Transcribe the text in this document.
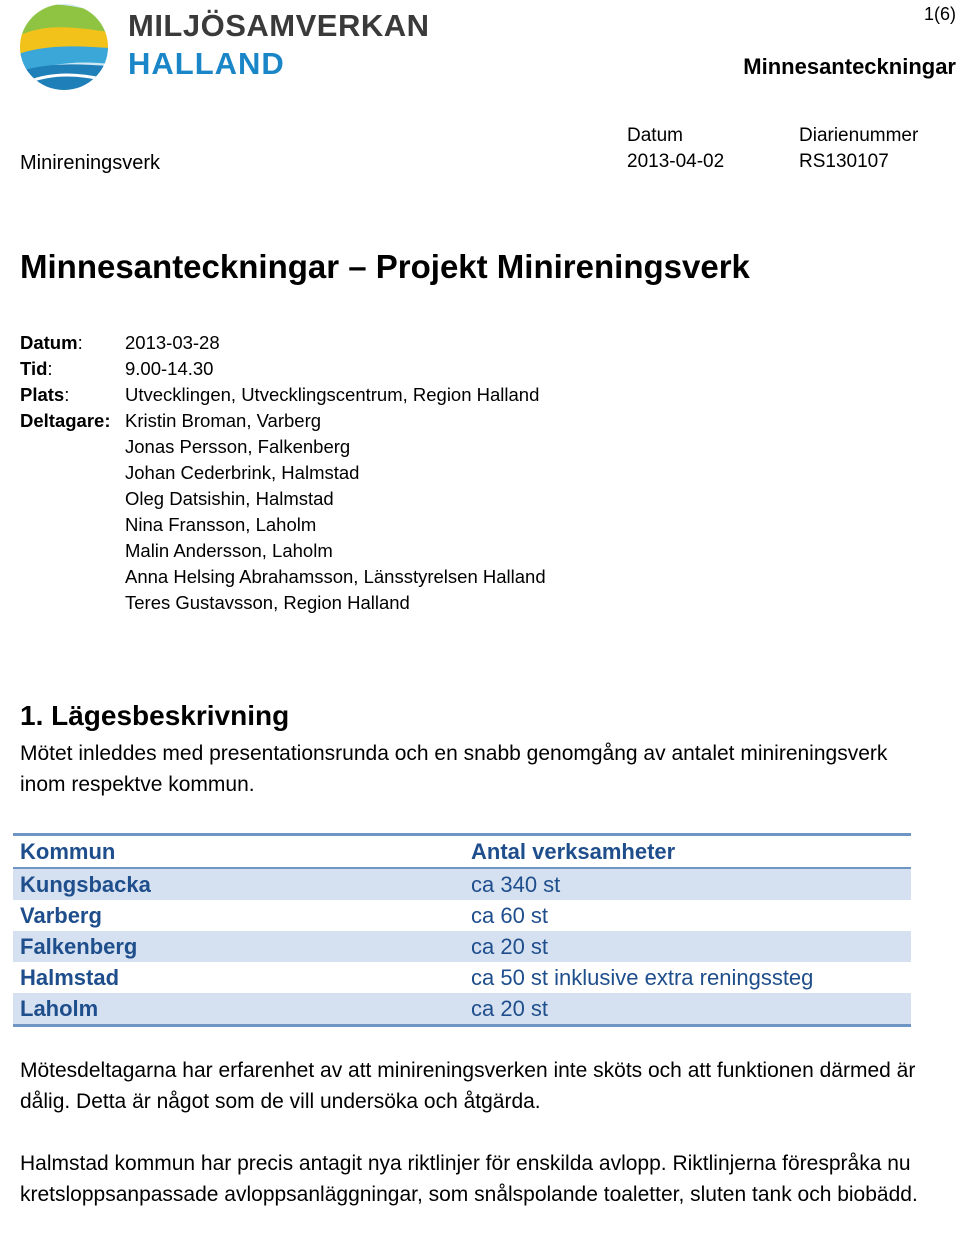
MILJÖSAMVERKAN
HALLAND
1(6)
Minnesanteckningar
Minireningsverk
Datum
2013-04-02
Diarienummer
RS130107
Minnesanteckningar – Projekt Minireningsverk
Datum:	2013-03-28
Tid:	9.00-14.30
Plats:	Utvecklingen, Utvecklingscentrum, Region Halland
Deltagare: Kristin Broman, Varberg
Jonas Persson, Falkenberg
Johan Cederbrink, Halmstad
Oleg Datsishin, Halmstad
Nina Fransson, Laholm
Malin Andersson, Laholm
Anna Helsing Abrahamsson, Länsstyrelsen Halland
Teres Gustavsson, Region Halland
1. Lägesbeskrivning
Mötet inleddes med presentationsrunda och en snabb genomgång av antalet minireningsverk inom respektve kommun.
Kommun	Antal verksamheter
Kungsbacka	ca 340 st
Varberg	ca 60 st
Falkenberg	ca 20 st
Halmstad	ca 50 st inklusive extra reningssteg
Laholm	ca 20 st
Mötesdeltagarna har erfarenhet av att minireningsverken inte sköts och att funktionen därmed är dålig. Detta är något som de vill undersöka och åtgärda.
Halmstad kommun har precis antagit nya riktlinjer för enskilda avlopp. Riktlinjerna förespråka nu kretsloppsanpassade avloppsanläggningar, som snålspolande toaletter, sluten tank och biobädd.
